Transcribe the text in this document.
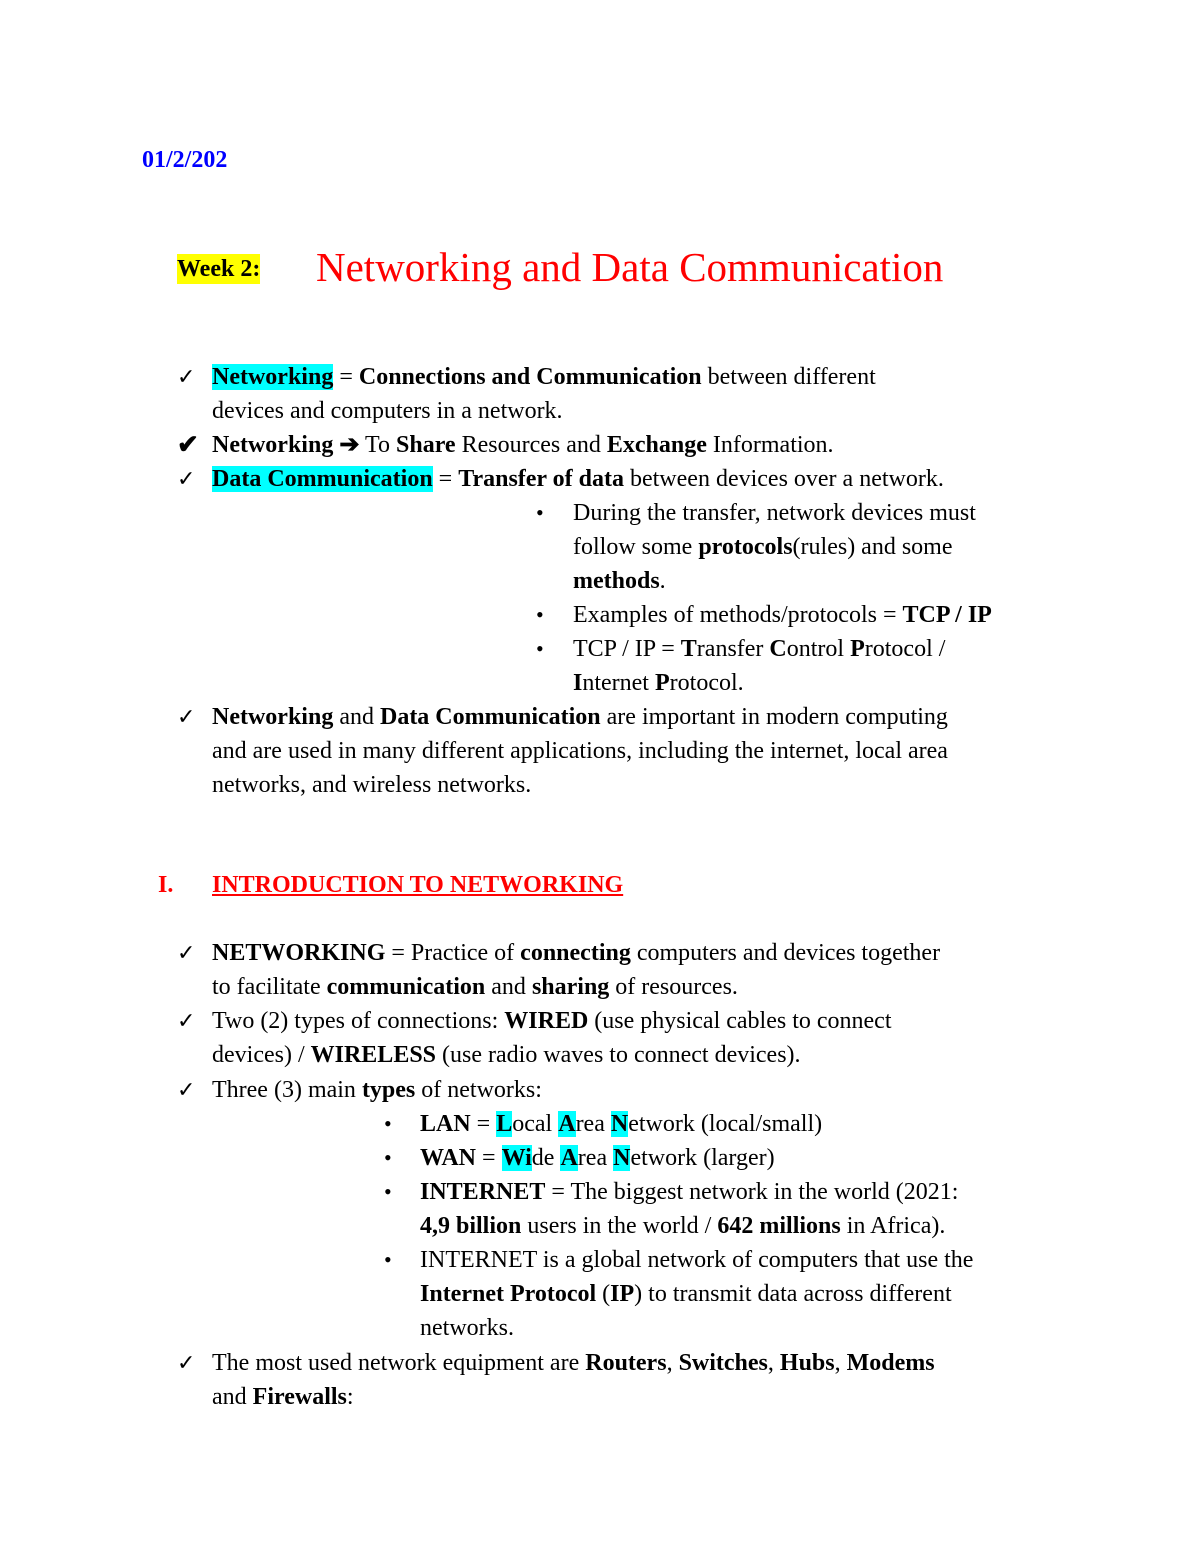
01/2/202
Week 2: Networking and Data Communication
✓ Networking = Connections and Communication between different
devices and computers in a network.
✔ Networking ➔ To Share Resources and Exchange Information.
✓ Data Communication = Transfer of data between devices over a network.
• During the transfer, network devices must
follow some protocols(rules) and some
methods.
• Examples of methods/protocols = TCP / IP
• TCP / IP = Transfer Control Protocol /
Internet Protocol.
✓ Networking and Data Communication are important in modern computing
and are used in many different applications, including the internet, local area
networks, and wireless networks.
I. INTRODUCTION TO NETWORKING
✓ NETWORKING = Practice of connecting computers and devices together
to facilitate communication and sharing of resources.
✓ Two (2) types of connections: WIRED (use physical cables to connect
devices) / WIRELESS (use radio waves to connect devices).
✓ Three (3) main types of networks:
• LAN = Local Area Network (local/small)
• WAN = Wide Area Network (larger)
• INTERNET = The biggest network in the world (2021:
4,9 billion users in the world / 642 millions in Africa).
• INTERNET is a global network of computers that use the
Internet Protocol (IP) to transmit data across different
networks.
✓ The most used network equipment are Routers, Switches, Hubs, Modems
and Firewalls:
